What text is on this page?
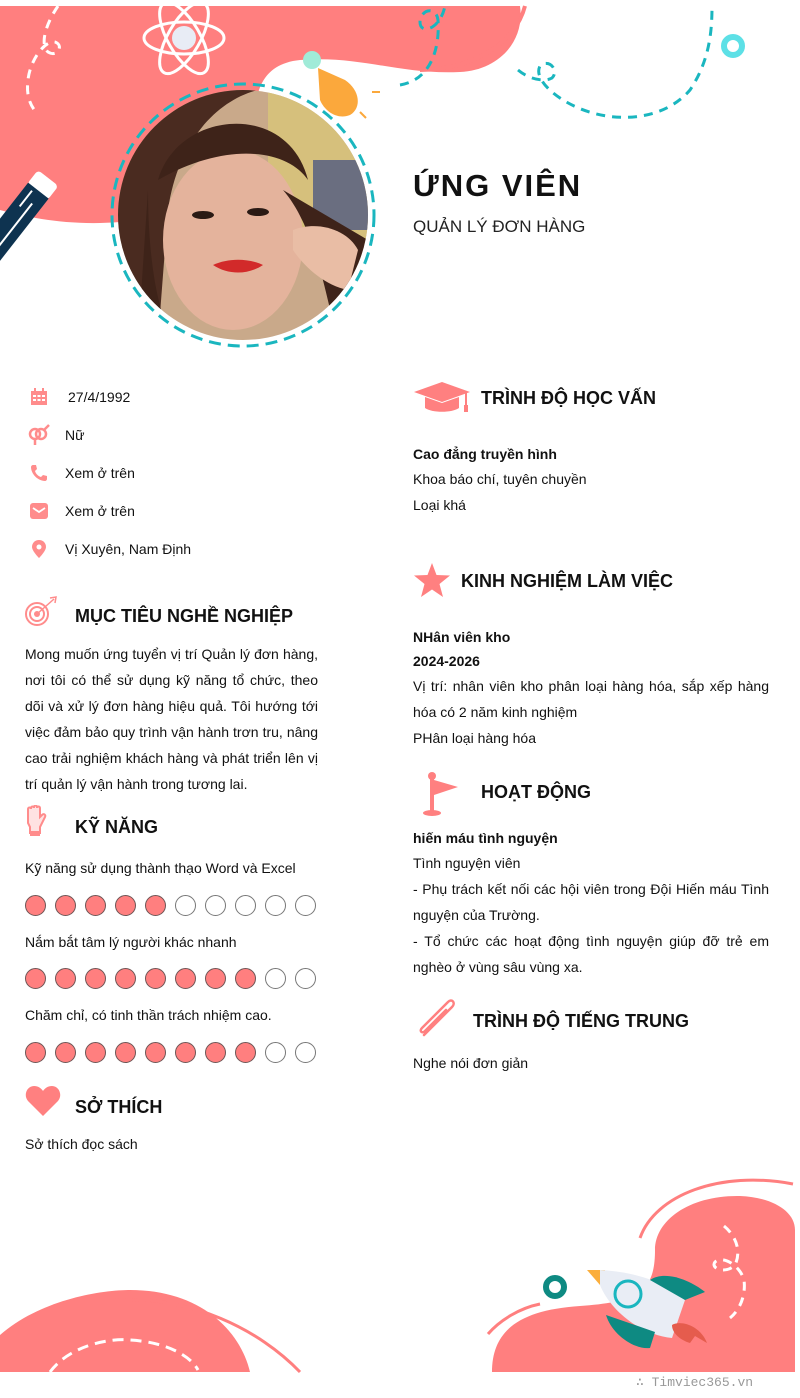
ỨNG VIÊN
QUẢN LÝ ĐƠN HÀNG
27/4/1992
Nữ
Xem ở trên
Xem ở trên
Vị Xuyên, Nam Định
MỤC TIÊU NGHỀ NGHIỆP
Mong muốn ứng tuyển vị trí Quản lý đơn hàng, nơi tôi có thể sử dụng kỹ năng tổ chức, theo dõi và xử lý đơn hàng hiệu quả. Tôi hướng tới việc đảm bảo quy trình vận hành trơn tru, nâng cao trải nghiệm khách hàng và phát triển lên vị trí quản lý vận hành trong tương lai.
KỸ NĂNG
Kỹ năng sử dụng thành thạo Word và Excel
Nắm bắt tâm lý người khác nhanh
Chăm chỉ, có tinh thần trách nhiệm cao.
SỞ THÍCH
Sở thích đọc sách
TRÌNH ĐỘ HỌC VẤN
Cao đẳng truyền hình
Khoa báo chí, tuyên chuyền
Loại khá
KINH NGHIỆM LÀM VIỆC
NHân viên kho
2024-2026
Vị trí: nhân viên kho phân loại hàng hóa, sắp xếp hàng hóa có 2 năm kinh nghiệm
PHân loại hàng hóa
HOẠT ĐỘNG
hiến máu tình nguyện
Tình nguyện viên
- Phụ trách kết nối các hội viên trong Đội Hiến máu Tình nguyện của Trường.
- Tổ chức các hoạt động tình nguyện giúp đỡ trẻ em nghèo ở vùng sâu vùng xa.
TRÌNH ĐỘ TIẾNG TRUNG
Nghe nói đơn giản
∴ Timviec365.vn
